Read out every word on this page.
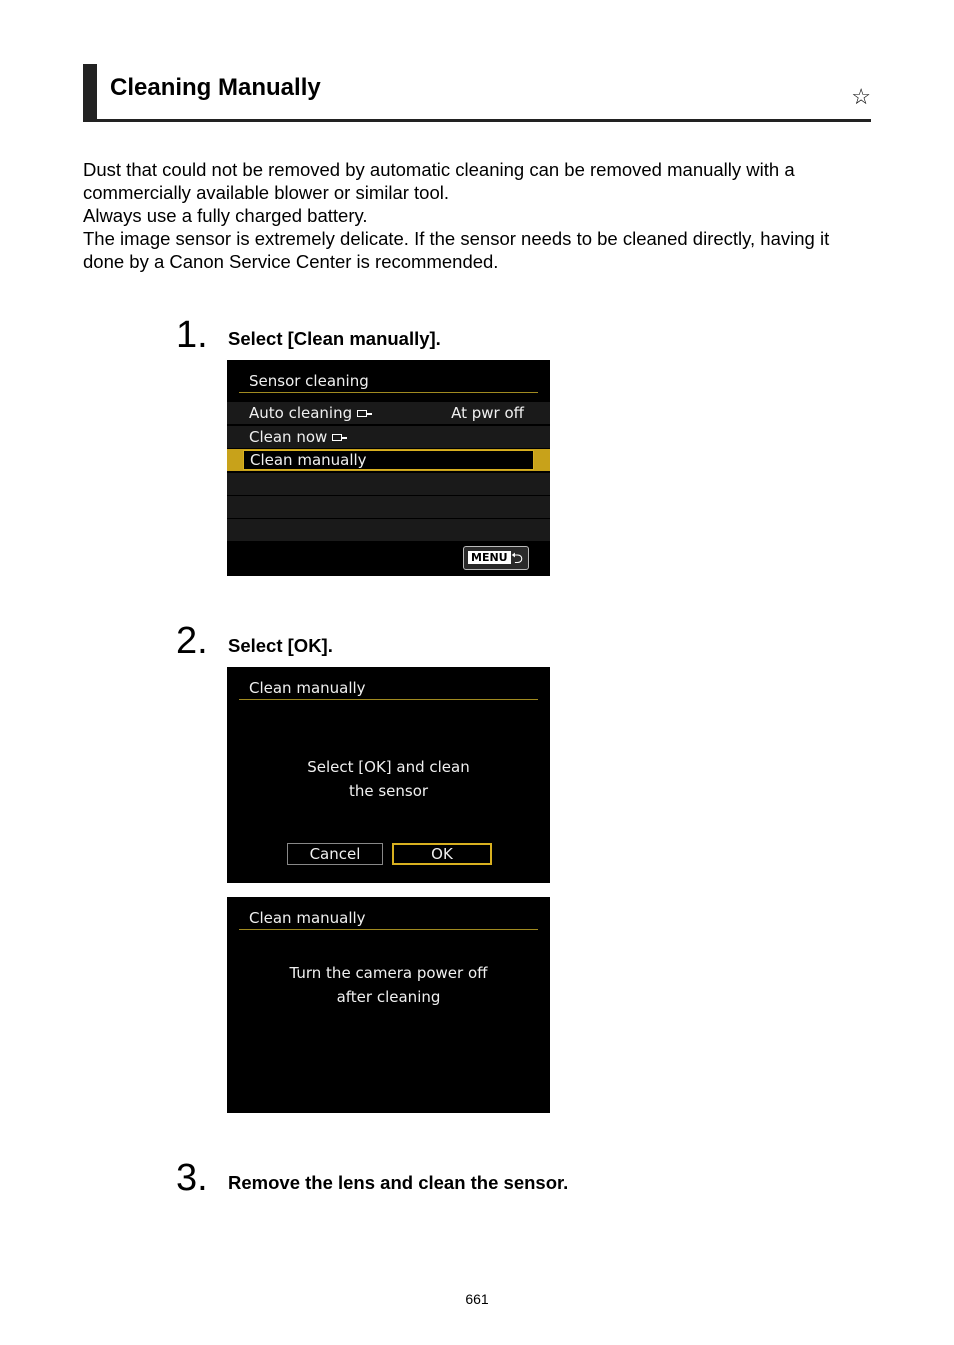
Cleaning Manually	☆

Dust that could not be removed by automatic cleaning can be removed manually with a commercially available blower or similar tool.

Always use a fully charged battery.

The image sensor is extremely delicate. If the sensor needs to be cleaned directly, having it done by a Canon Service Center is recommended.

1. Select [Clean manually].
Sensor cleaning
Auto cleaning	At pwr off
Clean now
Clean manually
MENU ⮌
2. Select [OK].
Clean manually
Select [OK] and clean
the sensor
Cancel	OK
Clean manually
Turn the camera power off
after cleaning
3. Remove the lens and clean the sensor.
661
